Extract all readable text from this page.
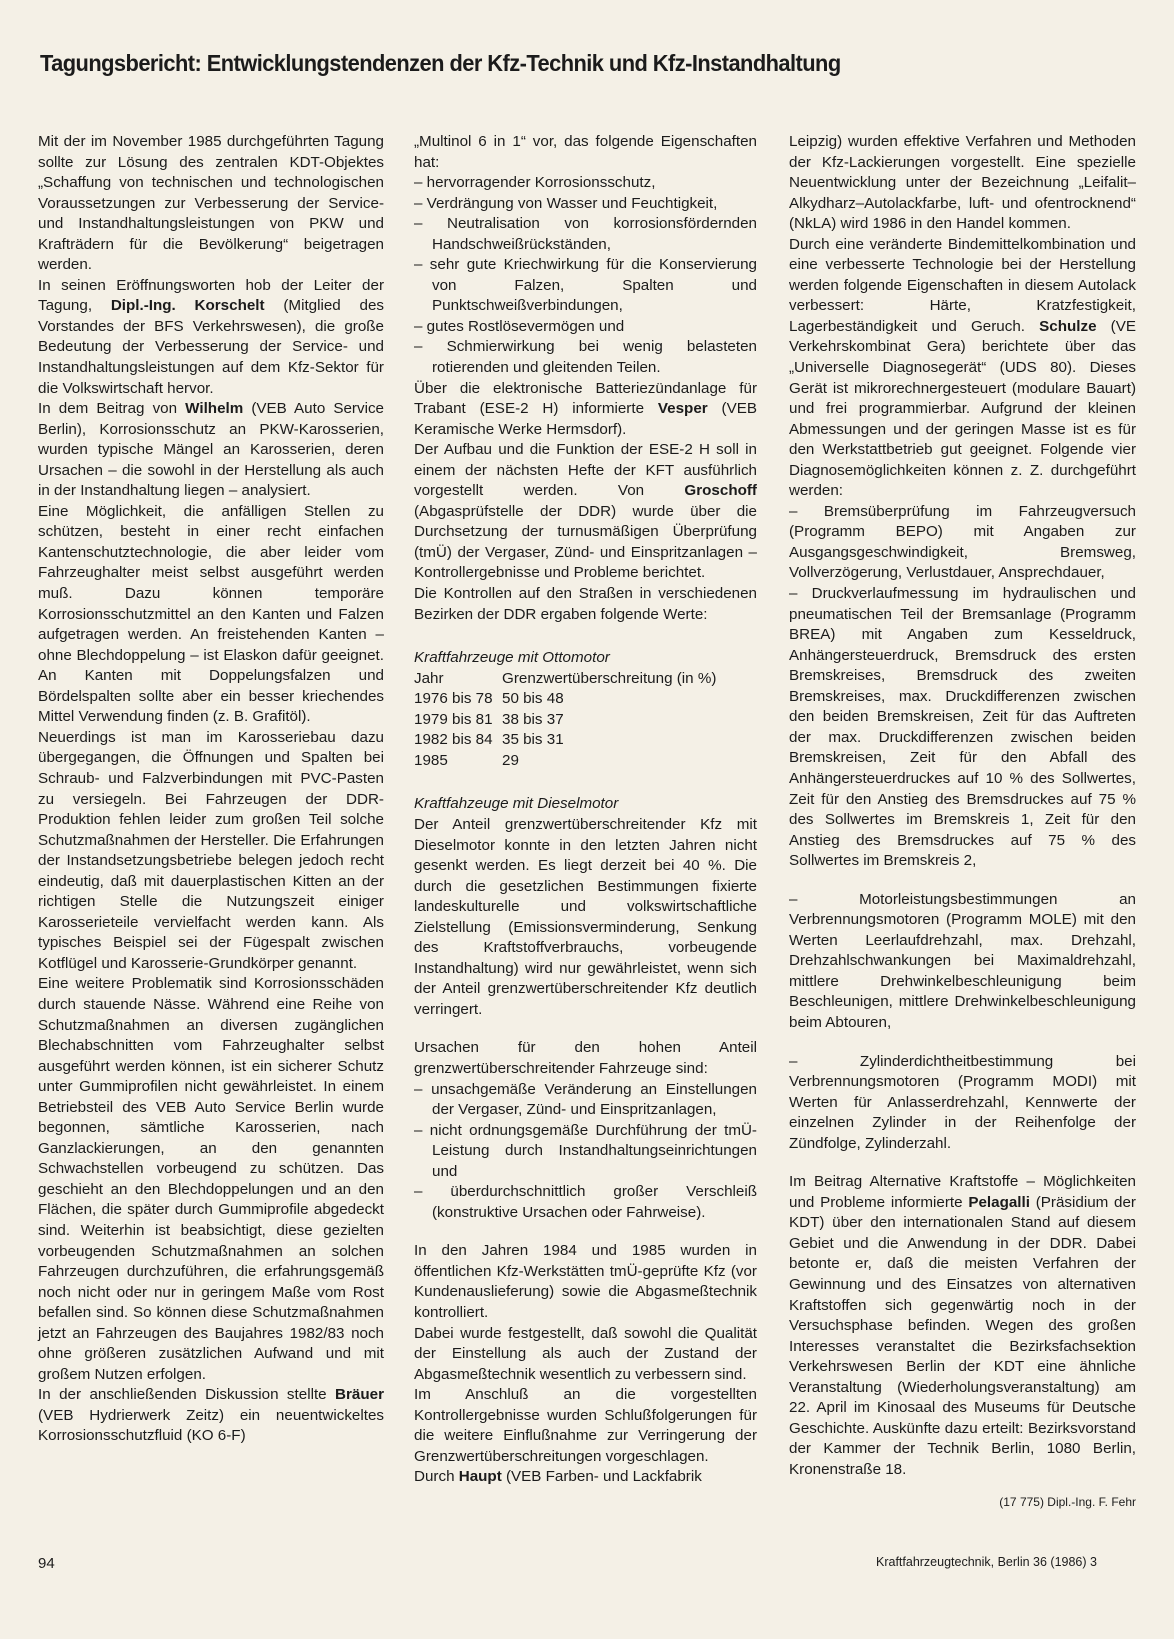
Tagungsbericht: Entwicklungstendenzen der Kfz-Technik und Kfz-Instandhaltung

Mit der im November 1985 durchgeführten Tagung sollte zur Lösung des zentralen KDT-Objektes „Schaffung von technischen und technologischen Voraussetzungen zur Verbesserung der Service- und Instandhaltungsleistungen von PKW und Krafträdern für die Bevölkerung“ beigetragen werden.

In seinen Eröffnungsworten hob der Leiter der Tagung, Dipl.-Ing. Korschelt (Mitglied des Vorstandes der BFS Verkehrswesen), die große Bedeutung der Verbesserung der Service- und Instandhaltungsleistungen auf dem Kfz-Sektor für die Volkswirtschaft hervor.

In dem Beitrag von Wilhelm (VEB Auto Service Berlin), Korrosionsschutz an PKW-Karosserien, wurden typische Mängel an Karosserien, deren Ursachen – die sowohl in der Herstellung als auch in der Instandhaltung liegen – analysiert.

Eine Möglichkeit, die anfälligen Stellen zu schützen, besteht in einer recht einfachen Kantenschutztechnologie, die aber leider vom Fahrzeughalter meist selbst ausgeführt werden muß. Dazu können temporäre Korrosionsschutzmittel an den Kanten und Falzen aufgetragen werden. An freistehenden Kanten – ohne Blechdoppelung – ist Elaskon dafür geeignet. An Kanten mit Doppelungsfalzen und Bördelspalten sollte aber ein besser kriechendes Mittel Verwendung finden (z. B. Grafitöl).

Neuerdings ist man im Karosseriebau dazu übergegangen, die Öffnungen und Spalten bei Schraub- und Falzverbindungen mit PVC-Pasten zu versiegeln. Bei Fahrzeugen der DDR-Produktion fehlen leider zum großen Teil solche Schutzmaßnahmen der Hersteller. Die Erfahrungen der Instandsetzungsbetriebe belegen jedoch recht eindeutig, daß mit dauerplastischen Kitten an der richtigen Stelle die Nutzungszeit einiger Karosserieteile vervielfacht werden kann. Als typisches Beispiel sei der Fügespalt zwischen Kotflügel und Karosserie-Grundkörper genannt.

Eine weitere Problematik sind Korrosionsschäden durch stauende Nässe. Während eine Reihe von Schutzmaßnahmen an diversen zugänglichen Blechabschnitten vom Fahrzeughalter selbst ausgeführt werden können, ist ein sicherer Schutz unter Gummiprofilen nicht gewährleistet. In einem Betriebsteil des VEB Auto Service Berlin wurde begonnen, sämtliche Karosserien, nach Ganzlackierungen, an den genannten Schwachstellen vorbeugend zu schützen. Das geschieht an den Blechdoppelungen und an den Flächen, die später durch Gummiprofile abgedeckt sind. Weiterhin ist beabsichtigt, diese gezielten vorbeugenden Schutzmaßnahmen an solchen Fahrzeugen durchzuführen, die erfahrungsgemäß noch nicht oder nur in geringem Maße vom Rost befallen sind. So können diese Schutzmaßnahmen jetzt an Fahrzeugen des Baujahres 1982/83 noch ohne größeren zusätzlichen Aufwand und mit großem Nutzen erfolgen.

In der anschließenden Diskussion stellte Bräuer (VEB Hydrierwerk Zeitz) ein neuentwickeltes Korrosionsschutzfluid (KO 6-F)

„Multinol 6 in 1“ vor, das folgende Eigenschaften hat:

– hervorragender Korrosionsschutz,

– Verdrängung von Wasser und Feuchtigkeit,

– Neutralisation von korrosionsfördernden Handschweißrückständen,

– sehr gute Kriechwirkung für die Konservierung von Falzen, Spalten und Punktschweißverbindungen,

– gutes Rostlösevermögen und

– Schmierwirkung bei wenig belasteten rotierenden und gleitenden Teilen.

Über die elektronische Batteriezündanlage für Trabant (ESE-2 H) informierte Vesper (VEB Keramische Werke Hermsdorf).

Der Aufbau und die Funktion der ESE-2 H soll in einem der nächsten Hefte der KFT ausführlich vorgestellt werden. Von Groschoff (Abgasprüfstelle der DDR) wurde über die Durchsetzung der turnusmäßigen Überprüfung (tmÜ) der Vergaser, Zünd- und Einspritzanlagen – Kontrollergebnisse und Probleme berichtet.

Die Kontrollen auf den Straßen in verschiedenen Bezirken der DDR ergaben folgende Werte:

Kraftfahrzeuge mit Ottomotor

Jahr	Grenzwertüberschreitung (in %)
1976 bis 78	50 bis 48
1979 bis 81	38 bis 37
1982 bis 84	35 bis 31
1985	29

Kraftfahzeuge mit Dieselmotor

Der Anteil grenzwertüberschreitender Kfz mit Dieselmotor konnte in den letzten Jahren nicht gesenkt werden. Es liegt derzeit bei 40 %. Die durch die gesetzlichen Bestimmungen fixierte landeskulturelle und volkswirtschaftliche Zielstellung (Emissionsverminderung, Senkung des Kraftstoffverbrauchs, vorbeugende Instandhaltung) wird nur gewährleistet, wenn sich der Anteil grenzwertüberschreitender Kfz deutlich verringert.

Ursachen für den hohen Anteil grenzwertüberschreitender Fahrzeuge sind:

– unsachgemäße Veränderung an Einstellungen der Vergaser, Zünd- und Einspritzanlagen,

– nicht ordnungsgemäße Durchführung der tmÜ-Leistung durch Instandhaltungseinrichtungen und

– überdurchschnittlich großer Verschleiß (konstruktive Ursachen oder Fahrweise).

In den Jahren 1984 und 1985 wurden in öffentlichen Kfz-Werkstätten tmÜ-geprüfte Kfz (vor Kundenauslieferung) sowie die Abgasmeßtechnik kontrolliert.

Dabei wurde festgestellt, daß sowohl die Qualität der Einstellung als auch der Zustand der Abgasmeßtechnik wesentlich zu verbessern sind.

Im Anschluß an die vorgestellten Kontrollergebnisse wurden Schlußfolgerungen für die weitere Einflußnahme zur Verringerung der Grenzwertüberschreitungen vorgeschlagen.

Durch Haupt (VEB Farben- und Lackfabrik

Leipzig) wurden effektive Verfahren und Methoden der Kfz-Lackierungen vorgestellt. Eine spezielle Neuentwicklung unter der Bezeichnung „Leifalit–Alkydharz–Autolackfarbe, luft- und ofentrocknend“ (NkLA) wird 1986 in den Handel kommen.

Durch eine veränderte Bindemittelkombination und eine verbesserte Technologie bei der Herstellung werden folgende Eigenschaften in diesem Autolack verbessert: Härte, Kratzfestigkeit, Lagerbeständigkeit und Geruch. Schulze (VE Verkehrskombinat Gera) berichtete über das „Universelle Diagnosegerät“ (UDS 80). Dieses Gerät ist mikrorechnergesteuert (modulare Bauart) und frei programmierbar. Aufgrund der kleinen Abmessungen und der geringen Masse ist es für den Werkstattbetrieb gut geeignet. Folgende vier Diagnosemöglichkeiten können z. Z. durchgeführt werden:

– Bremsüberprüfung im Fahrzeugversuch (Programm BEPO) mit Angaben zur Ausgangsgeschwindigkeit, Bremsweg, Vollverzögerung, Verlustdauer, Ansprechdauer,

– Druckverlaufmessung im hydraulischen und pneumatischen Teil der Bremsanlage (Programm BREA) mit Angaben zum Kesseldruck, Anhängersteuerdruck, Bremsdruck des ersten Bremskreises, Bremsdruck des zweiten Bremskreises, max. Druckdifferenzen zwischen den beiden Bremskreisen, Zeit für das Auftreten der max. Druckdifferenzen zwischen beiden Bremskreisen, Zeit für den Abfall des Anhängersteuerdruckes auf 10 % des Sollwertes, Zeit für den Anstieg des Bremsdruckes auf 75 % des Sollwertes im Bremskreis 1, Zeit für den Anstieg des Bremsdruckes auf 75 % des Sollwertes im Bremskreis 2,

– Motorleistungsbestimmungen an Verbrennungsmotoren (Programm MOLE) mit den Werten Leerlaufdrehzahl, max. Drehzahl, Drehzahlschwankungen bei Maximaldrehzahl, mittlere Drehwinkelbeschleunigung beim Beschleunigen, mittlere Drehwinkelbeschleunigung beim Abtouren,

– Zylinderdichtheitbestimmung bei Verbrennungsmotoren (Programm MODI) mit Werten für Anlasserdrehzahl, Kennwerte der einzelnen Zylinder in der Reihenfolge der Zündfolge, Zylinderzahl.

Im Beitrag Alternative Kraftstoffe – Möglichkeiten und Probleme informierte Pelagalli (Präsidium der KDT) über den internationalen Stand auf diesem Gebiet und die Anwendung in der DDR. Dabei betonte er, daß die meisten Verfahren der Gewinnung und des Einsatzes von alternativen Kraftstoffen sich gegenwärtig noch in der Versuchsphase befinden. Wegen des großen Interesses veranstaltet die Bezirksfachsektion Verkehrswesen Berlin der KDT eine ähnliche Veranstaltung (Wiederholungsveranstaltung) am 22. April im Kinosaal des Museums für Deutsche Geschichte. Auskünfte dazu erteilt: Bezirksvorstand der Kammer der Technik Berlin, 1080 Berlin, Kronenstraße 18.

(17 775) Dipl.-Ing. F. Fehr

94	Kraftfahrzeugtechnik, Berlin 36 (1986) 3
